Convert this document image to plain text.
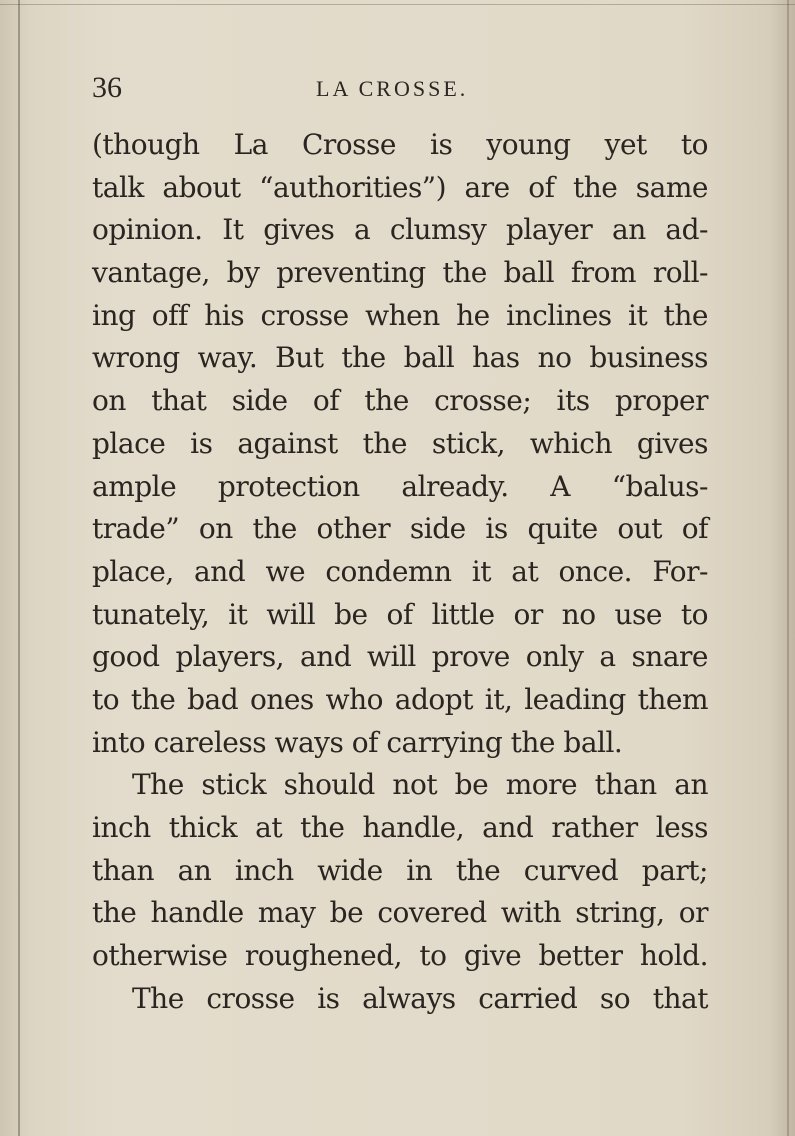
36	LA CROSSE.
(though La Crosse is young yet to
talk about “authorities”) are of the same
opinion. It gives a clumsy player an ad-
vantage, by preventing the ball from roll-
ing off his crosse when he inclines it the
wrong way. But the ball has no business
on that side of the crosse; its proper
place is against the stick, which gives
ample protection already. A “balus-
trade” on the other side is quite out of
place, and we condemn it at once. For-
tunately, it will be of little or no use to
good players, and will prove only a snare
to the bad ones who adopt it, leading them
into careless ways of carrying the ball.
The stick should not be more than an
inch thick at the handle, and rather less
than an inch wide in the curved part;
the handle may be covered with string, or
otherwise roughened, to give better hold.
The crosse is always carried so that
